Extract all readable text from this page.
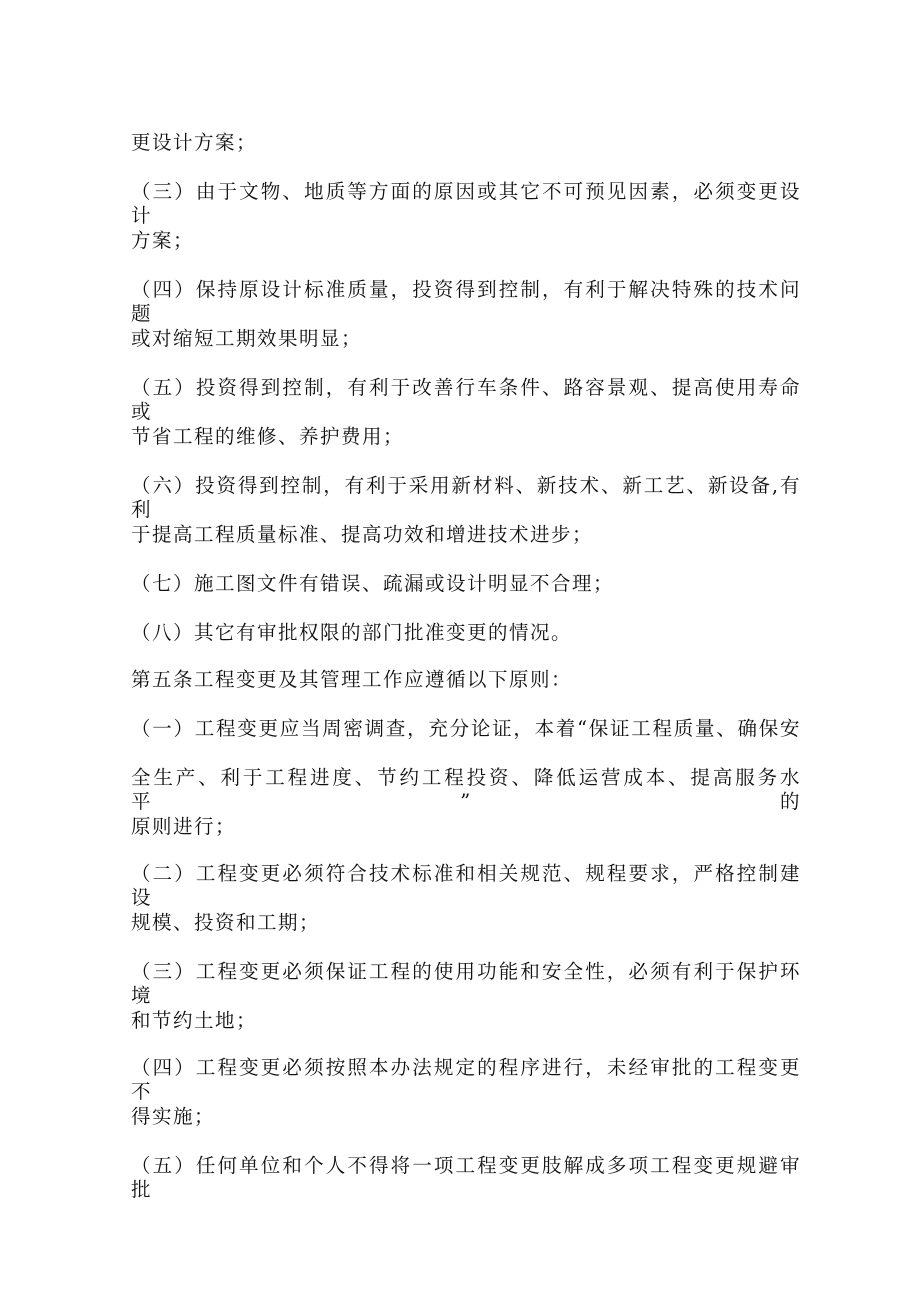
更设计方案；
（三）由于文物、地质等方面的原因或其它不可预见因素，必须变更设计
方案；
（四）保持原设计标准质量，投资得到控制，有利于解决特殊的技术问题
或对缩短工期效果明显；
（五）投资得到控制，有利于改善行车条件、路容景观、提高使用寿命或
节省工程的维修、养护费用；
（六）投资得到控制，有利于采用新材料、新技术、新工艺、新设备,有利
于提高工程质量标准、提高功效和增进技术进步；
（七）施工图文件有错误、疏漏或设计明显不合理；
（八）其它有审批权限的部门批准变更的情况。
第五条工程变更及其管理工作应遵循以下原则：
（一）工程变更应当周密调查，充分论证，本着“保证工程质量、确保安
全生产、利于工程进度、节约工程投资、降低运营成本、提高服务水平”的
原则进行；
（二）工程变更必须符合技术标准和相关规范、规程要求，严格控制建设
规模、投资和工期；
（三）工程变更必须保证工程的使用功能和安全性，必须有利于保护环境
和节约土地；
（四）工程变更必须按照本办法规定的程序进行，未经审批的工程变更不
得实施；
（五）任何单位和个人不得将一项工程变更肢解成多项工程变更规避审批
